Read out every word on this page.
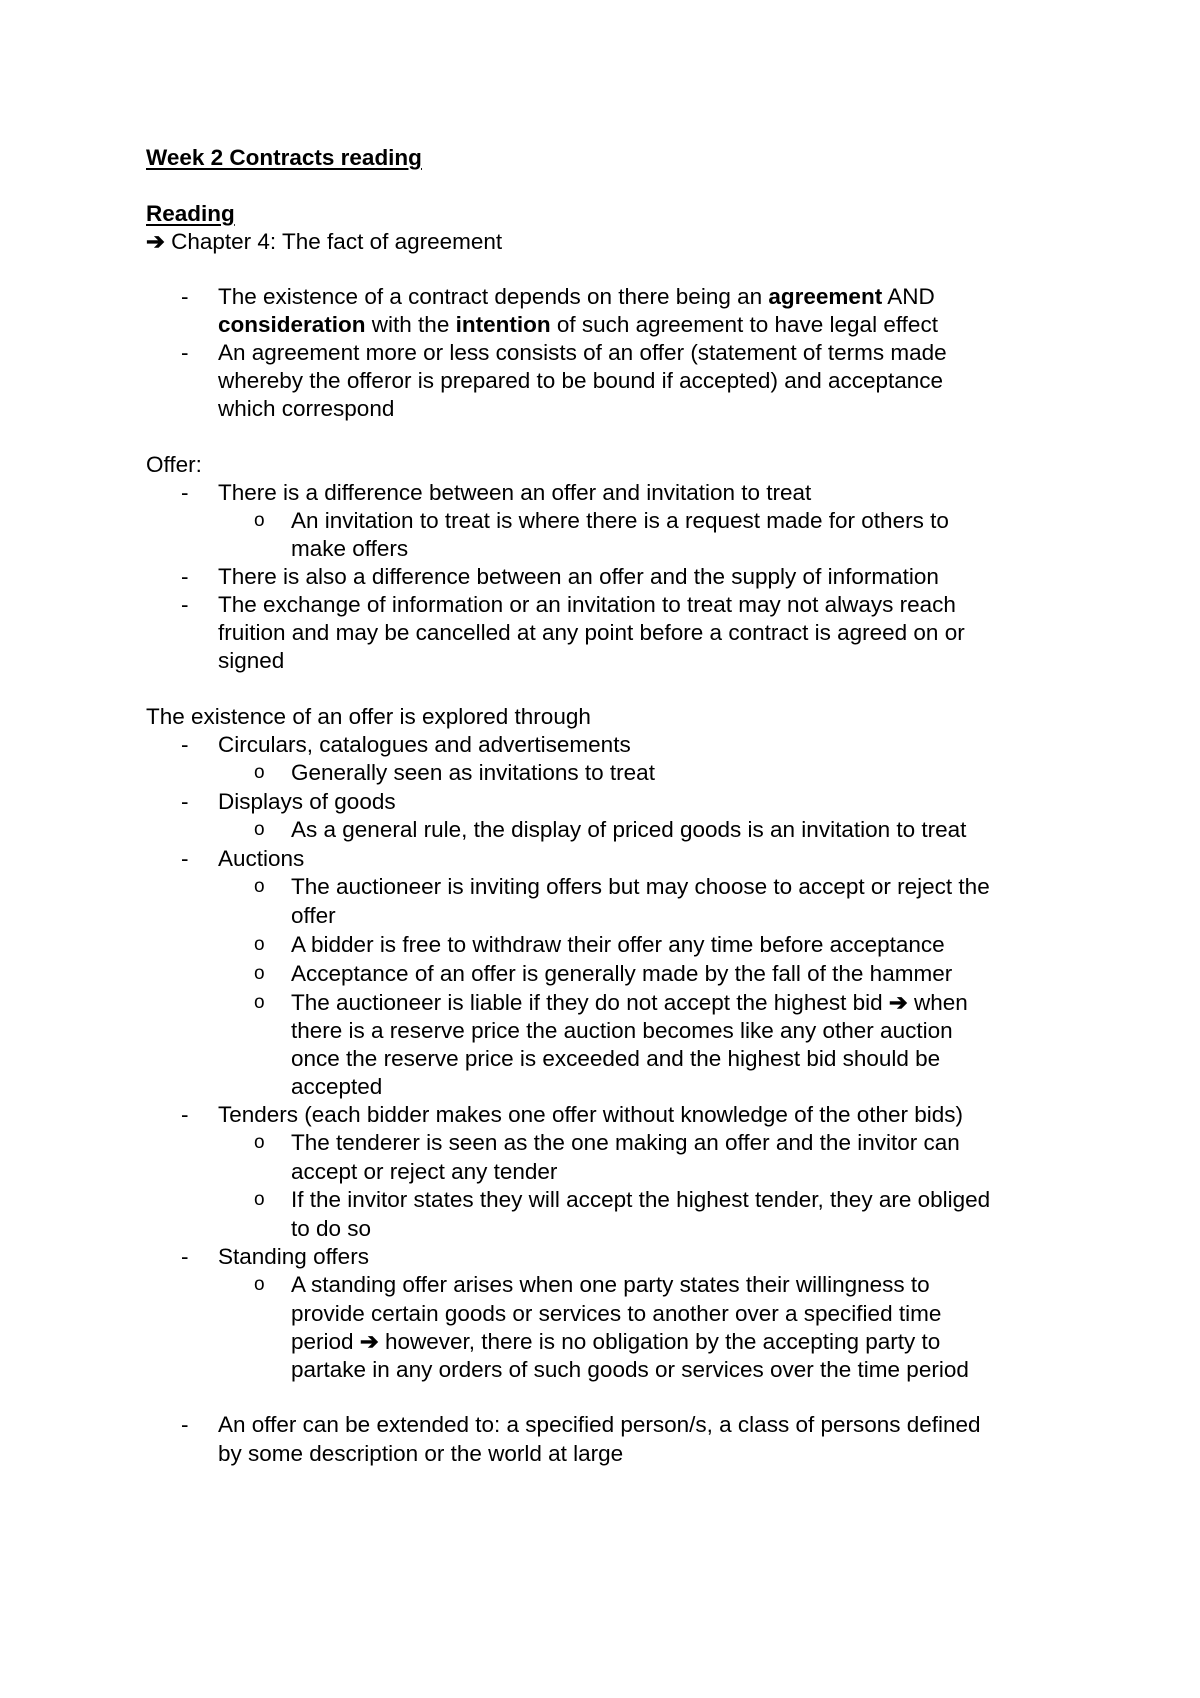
Week 2 Contracts reading
Reading
➔ Chapter 4: The fact of agreement
- The existence of a contract depends on there being an agreement AND
consideration with the intention of such agreement to have legal effect
- An agreement more or less consists of an offer (statement of terms made
whereby the offeror is prepared to be bound if accepted) and acceptance
which correspond
Offer:
- There is a difference between an offer and invitation to treat
o An invitation to treat is where there is a request made for others to
make offers
- There is also a difference between an offer and the supply of information
- The exchange of information or an invitation to treat may not always reach
fruition and may be cancelled at any point before a contract is agreed on or
signed
The existence of an offer is explored through
- Circulars, catalogues and advertisements
o Generally seen as invitations to treat
- Displays of goods
o As a general rule, the display of priced goods is an invitation to treat
- Auctions
o The auctioneer is inviting offers but may choose to accept or reject the
offer
o A bidder is free to withdraw their offer any time before acceptance
o Acceptance of an offer is generally made by the fall of the hammer
o The auctioneer is liable if they do not accept the highest bid ➔ when
there is a reserve price the auction becomes like any other auction
once the reserve price is exceeded and the highest bid should be
accepted
- Tenders (each bidder makes one offer without knowledge of the other bids)
o The tenderer is seen as the one making an offer and the invitor can
accept or reject any tender
o If the invitor states they will accept the highest tender, they are obliged
to do so
- Standing offers
o A standing offer arises when one party states their willingness to
provide certain goods or services to another over a specified time
period ➔ however, there is no obligation by the accepting party to
partake in any orders of such goods or services over the time period
- An offer can be extended to: a specified person/s, a class of persons defined
by some description or the world at large
